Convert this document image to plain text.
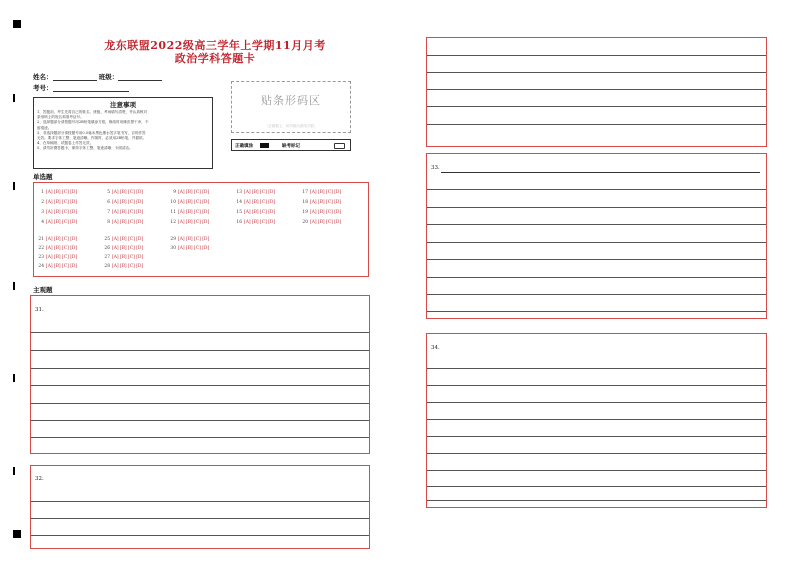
龙东联盟2022级高三学年上学期11月月考
政治学科答题卡
姓名：	班级：
考号：
注意事项
1、答题前，考生先将自己的姓名、班级、考场填写清楚，并认真核对
条形码上的姓名和准考证号。
2、选择题部分请按题号用2B铅笔填涂方框，修改时用橡皮擦干净，不
留痕迹。
3、非选择题部分请按题号用0.5毫米黑色墨水签字笔书写，否则作答
无效。要求字体工整、笔迹清晰。作图时，必须用2B铅笔，并描浓。
4、在草稿纸、试题卷上作答无效。
5、请勿折叠答题卡，保持字体工整、笔迹清晰、卡面清洁。
贴条形码区
（正面朝上，切勿贴出虚线方框）
正确填涂	缺考标记
单选题
1 [A] [B] [C] [D]
2 [A] [B] [C] [D]
3 [A] [B] [C] [D]
4 [A] [B] [C] [D]
5 [A] [B] [C] [D]
6 [A] [B] [C] [D]
7 [A] [B] [C] [D]
8 [A] [B] [C] [D]
9 [A] [B] [C] [D]
10 [A] [B] [C] [D]
11 [A] [B] [C] [D]
12 [A] [B] [C] [D]
13 [A] [B] [C] [D]
14 [A] [B] [C] [D]
15 [A] [B] [C] [D]
16 [A] [B] [C] [D]
17 [A] [B] [C] [D]
18 [A] [B] [C] [D]
19 [A] [B] [C] [D]
20 [A] [B] [C] [D]
21 [A] [B] [C] [D]
22 [A] [B] [C] [D]
23 [A] [B] [C] [D]
24 [A] [B] [C] [D]
25 [A] [B] [C] [D]
26 [A] [B] [C] [D]
27 [A] [B] [C] [D]
28 [A] [B] [C] [D]
29 [A] [B] [C] [D]
30 [A] [B] [C] [D]
主观题
31.
32.
33.
34.
